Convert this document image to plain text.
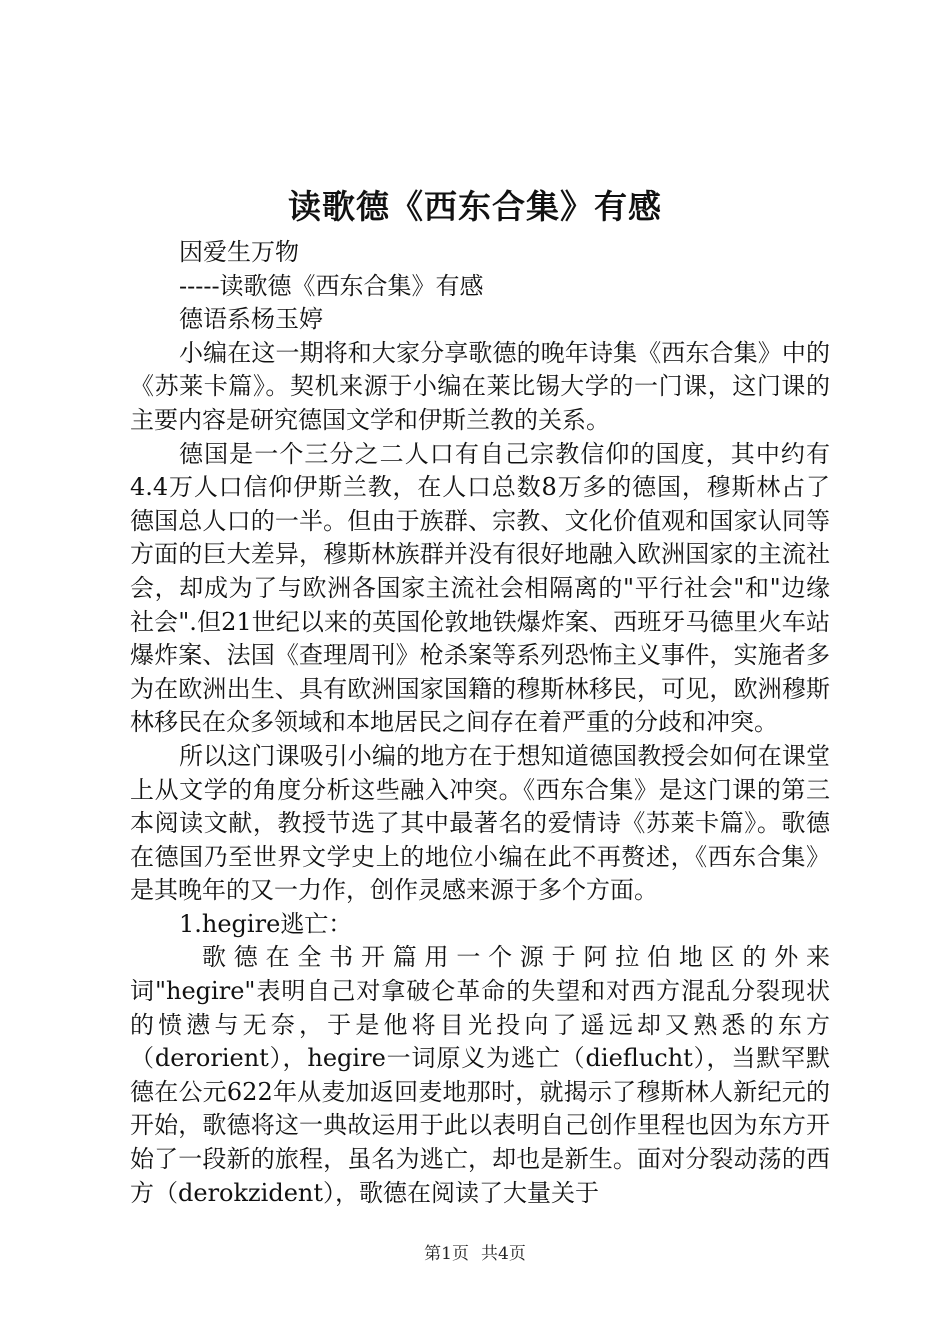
读歌德《西东合集》有感

因爱生万物

-----读歌德《西东合集》有感

德语系杨玉婷

小编在这一期将和大家分享歌德的晚年诗集《西东合集》中的《苏莱卡篇》。契机来源于小编在莱比锡大学的一门课，这门课的主要内容是研究德国文学和伊斯兰教的关系。

德国是一个三分之二人口有自己宗教信仰的国度，其中约有4.4万人口信仰伊斯兰教，在人口总数8万多的德国，穆斯林占了德国总人口的一半。但由于族群、宗教、文化价值观和国家认同等方面的巨大差异，穆斯林族群并没有很好地融入欧洲国家的主流社会，却成为了与欧洲各国家主流社会相隔离的"平行社会"和"边缘社会".但21世纪以来的英国伦敦地铁爆炸案、西班牙马德里火车站爆炸案、法国《查理周刊》枪杀案等系列恐怖主义事件，实施者多为在欧洲出生、具有欧洲国家国籍的穆斯林移民，可见，欧洲穆斯林移民在众多领域和本地居民之间存在着严重的分歧和冲突。

所以这门课吸引小编的地方在于想知道德国教授会如何在课堂上从文学的角度分析这些融入冲突。《西东合集》是这门课的第三本阅读文献，教授节选了其中最著名的爱情诗《苏莱卡篇》。歌德在德国乃至世界文学史上的地位小编在此不再赘述，《西东合集》是其晚年的又一力作，创作灵感来源于多个方面。

1.hegire逃亡：

歌德在全书开篇用一个源于阿拉伯地区的外来词"hegire"表明自己对拿破仑革命的失望和对西方混乱分裂现状的愤懑与无奈，于是他将目光投向了遥远却又熟悉的东方（derorient），hegire一词原义为逃亡（dieflucht），当默罕默德在公元622年从麦加返回麦地那时，就揭示了穆斯林人新纪元的开始，歌德将这一典故运用于此以表明自己创作里程也因为东方开始了一段新的旅程，虽名为逃亡，却也是新生。面对分裂动荡的西方（derokzident），歌德在阅读了大量关于

第1页 共4页
